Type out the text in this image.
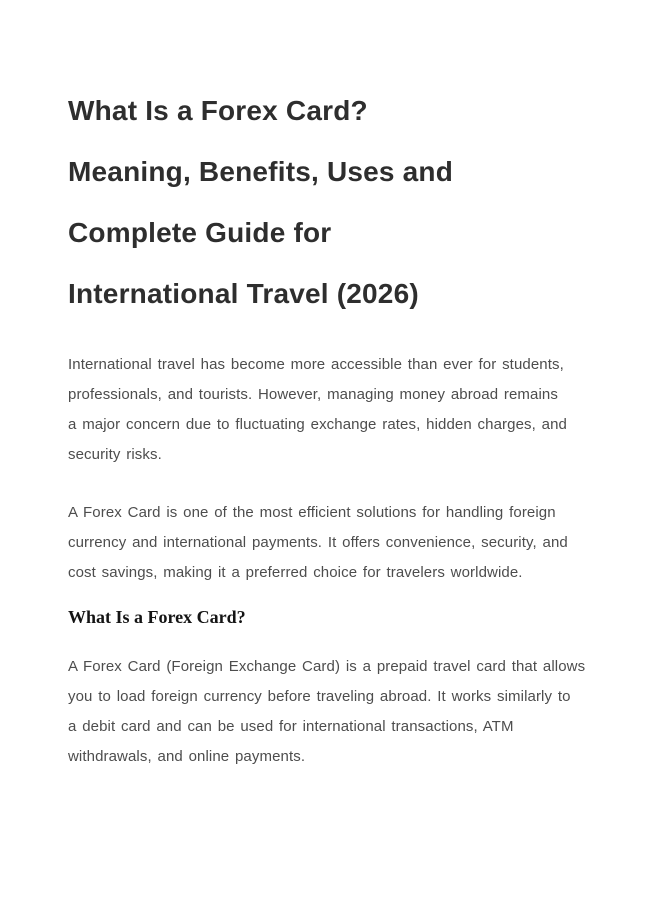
What Is a Forex Card?
Meaning, Benefits, Uses and
Complete Guide for
International Travel (2026)

International travel has become more accessible than ever for students,
professionals, and tourists. However, managing money abroad remains
a major concern due to fluctuating exchange rates, hidden charges, and
security risks.

A Forex Card is one of the most efficient solutions for handling foreign
currency and international payments. It offers convenience, security, and
cost savings, making it a preferred choice for travelers worldwide.

What Is a Forex Card?

A Forex Card (Foreign Exchange Card) is a prepaid travel card that allows
you to load foreign currency before traveling abroad. It works similarly to
a debit card and can be used for international transactions, ATM
withdrawals, and online payments.
